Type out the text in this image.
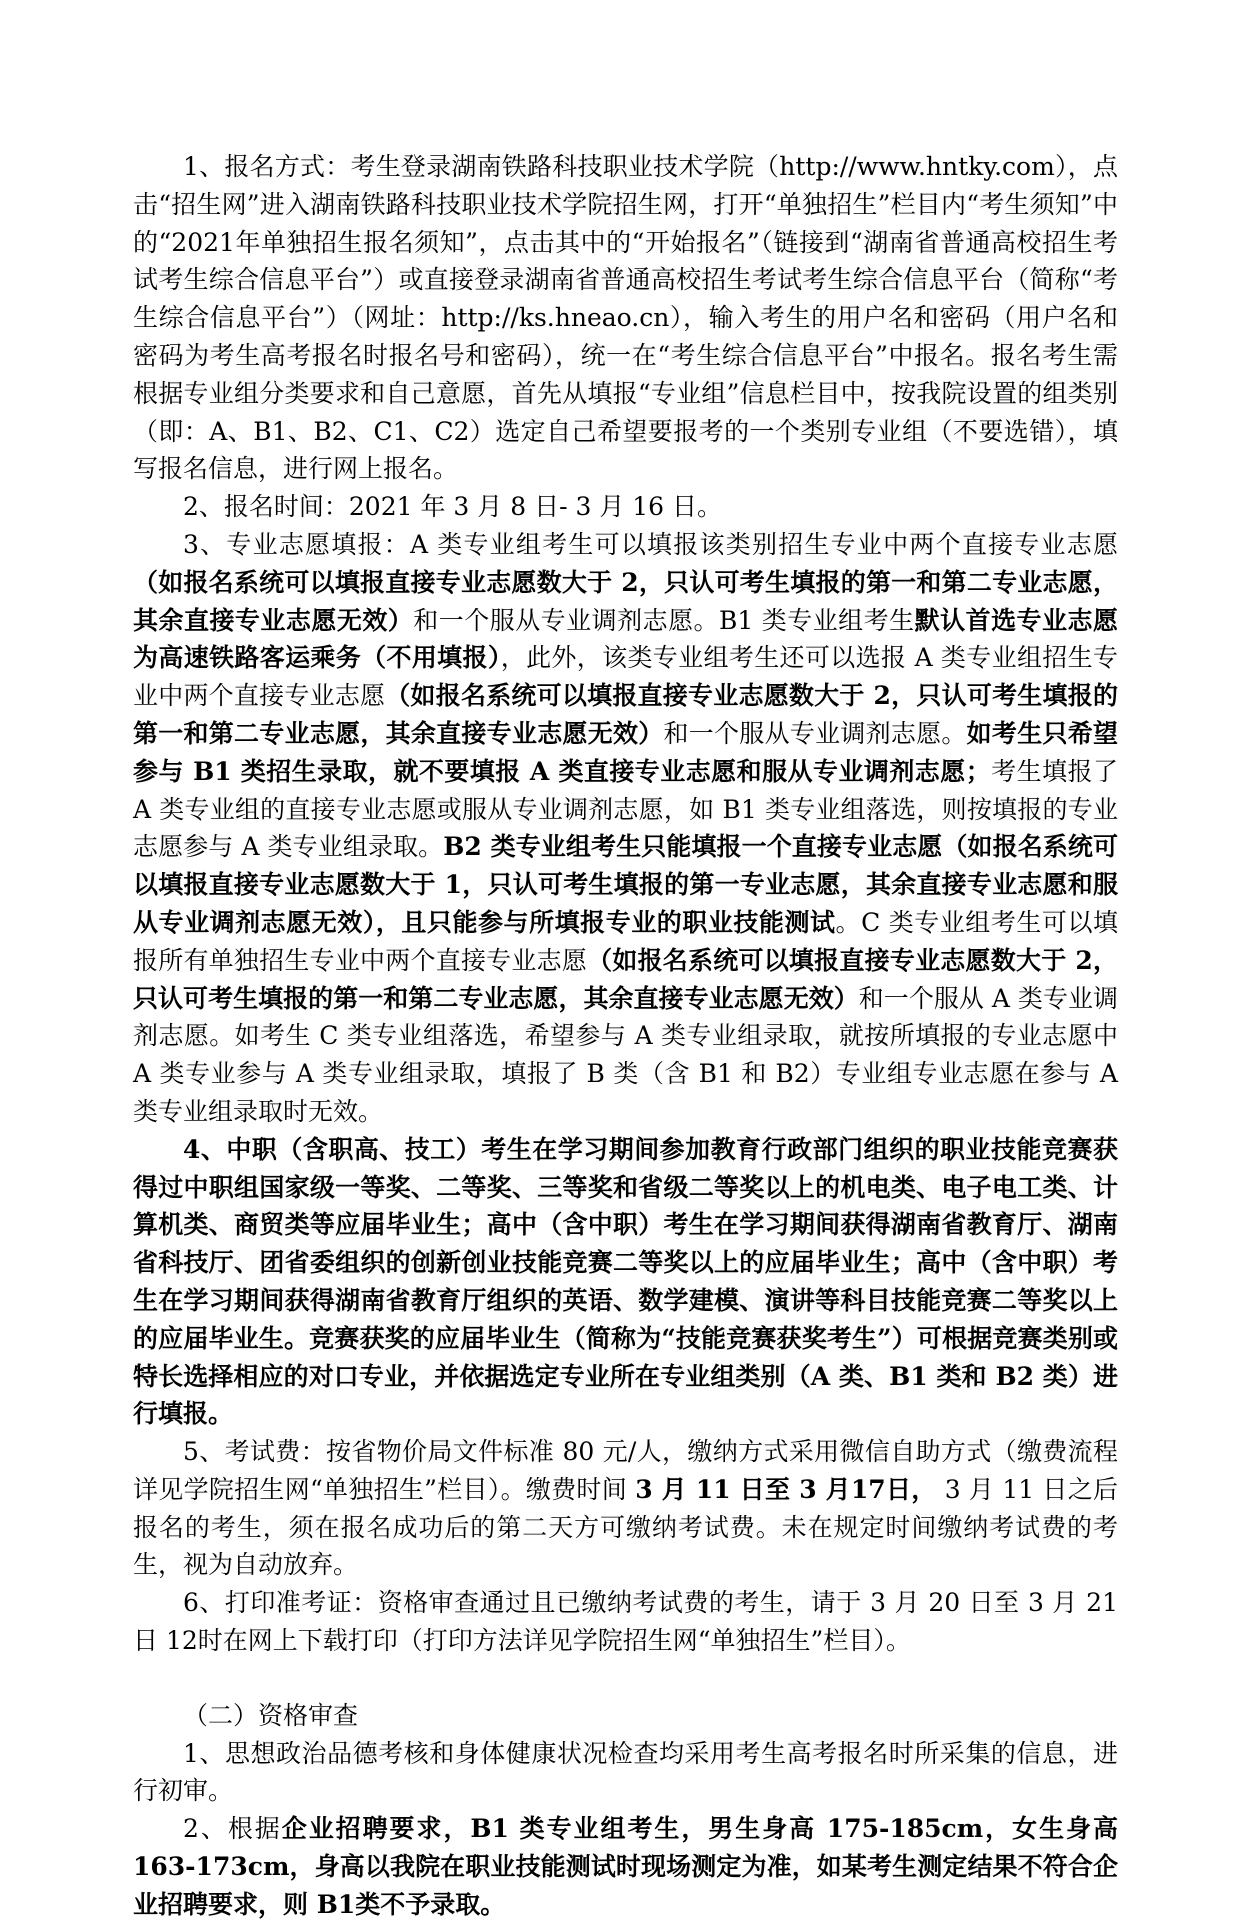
1、报名方式：考生登录湖南铁路科技职业技术学院（http://www.hntky.com），点击“招生网”进入湖南铁路科技职业技术学院招生网，打开“单独招生”栏目内“考生须知”中的“2021年单独招生报名须知”，点击其中的“开始报名”（链接到“湖南省普通高校招生考试考生综合信息平台”）或直接登录湖南省普通高校招生考试考生综合信息平台（简称“考生综合信息平台”）（网址：http://ks.hneao.cn），输入考生的用户名和密码（用户名和密码为考生高考报名时报名号和密码），统一在“考生综合信息平台”中报名。报名考生需根据专业组分类要求和自己意愿，首先从填报“专业组”信息栏目中，按我院设置的组类别（即：A、B1、B2、C1、C2）选定自己希望要报考的一个类别专业组（不要选错），填写报名信息，进行网上报名。

2、报名时间：2021 年 3 月 8 日- 3 月 16 日。

3、专业志愿填报：A 类专业组考生可以填报该类别招生专业中两个直接专业志愿（如报名系统可以填报直接专业志愿数大于 2，只认可考生填报的第一和第二专业志愿，其余直接专业志愿无效）和一个服从专业调剂志愿。B1 类专业组考生默认首选专业志愿为高速铁路客运乘务（不用填报），此外，该类专业组考生还可以选报 A 类专业组招生专业中两个直接专业志愿（如报名系统可以填报直接专业志愿数大于 2，只认可考生填报的第一和第二专业志愿，其余直接专业志愿无效）和一个服从专业调剂志愿。如考生只希望参与 B1 类招生录取，就不要填报 A 类直接专业志愿和服从专业调剂志愿；考生填报了 A 类专业组的直接专业志愿或服从专业调剂志愿，如 B1 类专业组落选，则按填报的专业志愿参与 A 类专业组录取。B2 类专业组考生只能填报一个直接专业志愿（如报名系统可以填报直接专业志愿数大于 1，只认可考生填报的第一专业志愿，其余直接专业志愿和服从专业调剂志愿无效），且只能参与所填报专业的职业技能测试。C 类专业组考生可以填报所有单独招生专业中两个直接专业志愿（如报名系统可以填报直接专业志愿数大于 2，只认可考生填报的第一和第二专业志愿，其余直接专业志愿无效）和一个服从 A 类专业调剂志愿。如考生 C 类专业组落选，希望参与 A 类专业组录取，就按所填报的专业志愿中 A 类专业参与 A 类专业组录取，填报了 B 类（含 B1 和 B2）专业组专业志愿在参与 A 类专业组录取时无效。

4、中职（含职高、技工）考生在学习期间参加教育行政部门组织的职业技能竞赛获得过中职组国家级一等奖、二等奖、三等奖和省级二等奖以上的机电类、电子电工类、计算机类、商贸类等应届毕业生；高中（含中职）考生在学习期间获得湖南省教育厅、湖南省科技厅、团省委组织的创新创业技能竞赛二等奖以上的应届毕业生；高中（含中职）考生在学习期间获得湖南省教育厅组织的英语、数学建模、演讲等科目技能竞赛二等奖以上的应届毕业生。竞赛获奖的应届毕业生（简称为“技能竞赛获奖考生”）可根据竞赛类别或特长选择相应的对口专业，并依据选定专业所在专业组类别（A 类、B1 类和 B2 类）进行填报。

5、考试费：按省物价局文件标准 80 元/人，缴纳方式采用微信自助方式（缴费流程详见学院招生网“单独招生”栏目）。缴费时间 3 月 11 日至 3 月17日， 3 月 11 日之后报名的考生，须在报名成功后的第二天方可缴纳考试费。未在规定时间缴纳考试费的考生，视为自动放弃。

6、打印准考证：资格审查通过且已缴纳考试费的考生，请于 3 月 20 日至 3 月 21 日 12时在网上下载打印（打印方法详见学院招生网“单独招生”栏目）。

（二）资格审查

1、思想政治品德考核和身体健康状况检查均采用考生高考报名时所采集的信息，进行初审。

2、根据企业招聘要求，B1 类专业组考生，男生身高 175-185cm，女生身高 163-173cm，身高以我院在职业技能测试时现场测定为准，如某考生测定结果不符合企业招聘要求，则 B1类不予录取。
